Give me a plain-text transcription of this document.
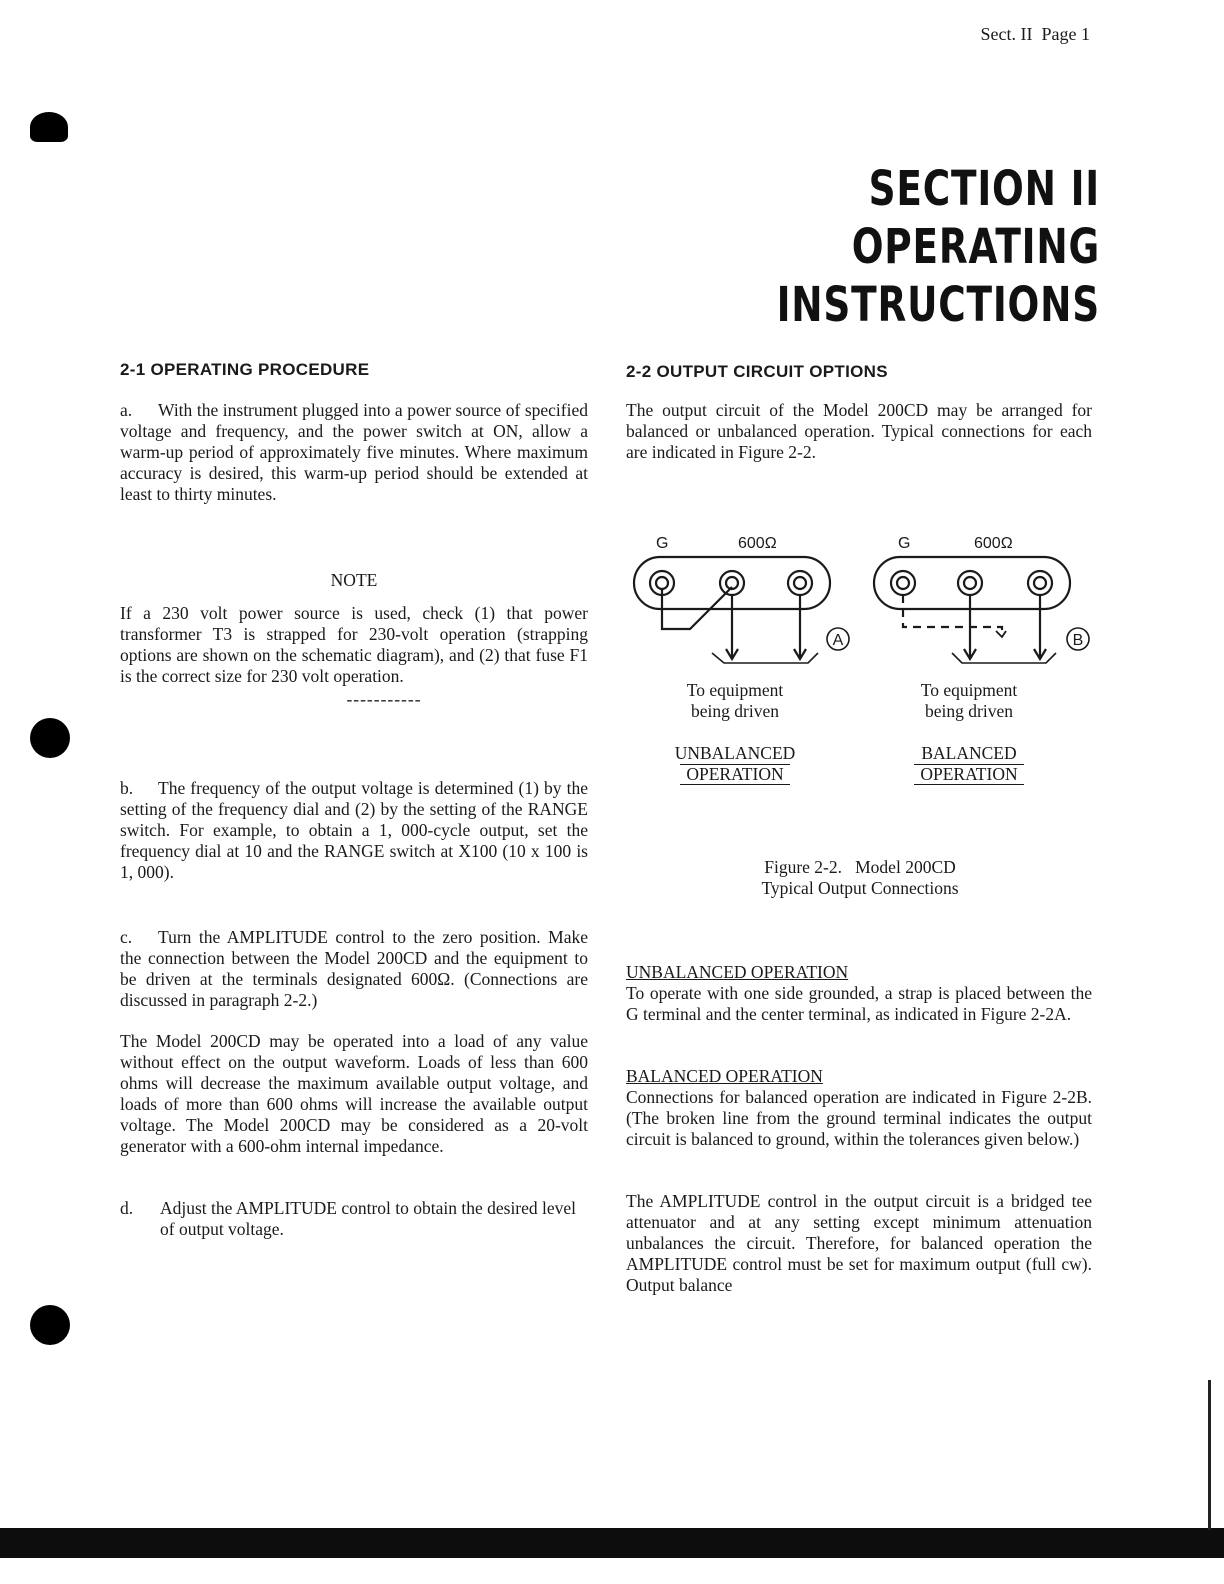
Sect. II  Page 1
SECTION II
OPERATING INSTRUCTIONS
2-1 OPERATING PROCEDURE
a. With the instrument plugged into a power source of specified voltage and frequency, and the power switch at ON, allow a warm-up period of approximately five minutes. Where maximum accuracy is desired, this warm-up period should be extended at least to thirty minutes.
NOTE
If a 230 volt power source is used, check (1) that power transformer T3 is strapped for 230-volt operation (strapping options are shown on the schematic diagram), and (2) that fuse F1 is the correct size for 230 volt operation.
-----------
b. The frequency of the output voltage is determined (1) by the setting of the frequency dial and (2) by the setting of the RANGE switch. For example, to obtain a 1, 000-cycle output, set the frequency dial at 10 and the RANGE switch at X100 (10 x 100 is 1, 000).
c. Turn the AMPLITUDE control to the zero position. Make the connection between the Model 200CD and the equipment to be driven at the terminals designated 600Ω. (Connections are discussed in paragraph 2-2.)
The Model 200CD may be operated into a load of any value without effect on the output waveform. Loads of less than 600 ohms will decrease the maximum available output voltage, and loads of more than 600 ohms will increase the available output voltage. The Model 200CD may be considered as a 20-volt generator with a 600-ohm internal impedance.
d.	Adjust the AMPLITUDE control to obtain the desired level of output voltage.
2-2 OUTPUT CIRCUIT OPTIONS
The output circuit of the Model 200CD may be arranged for balanced or unbalanced operation. Typical connections for each are indicated in Figure 2-2.
G	600Ω
A
G	600Ω
B
To equipment
being driven
UNBALANCED
OPERATION
To equipment
being driven
BALANCED
OPERATION
Figure 2-2.   Model 200CD
Typical Output Connections
UNBALANCED OPERATION
To operate with one side grounded, a strap is placed between the G terminal and the center terminal, as indicated in Figure 2-2A.
BALANCED OPERATION
Connections for balanced operation are indicated in Figure 2-2B. (The broken line from the ground terminal indicates the output circuit is balanced to ground, within the tolerances given below.)
The AMPLITUDE control in the output circuit is a bridged tee attenuator and at any setting except minimum attenuation unbalances the circuit. Therefore, for balanced operation the AMPLITUDE control must be set for maximum output (full cw). Output balance
